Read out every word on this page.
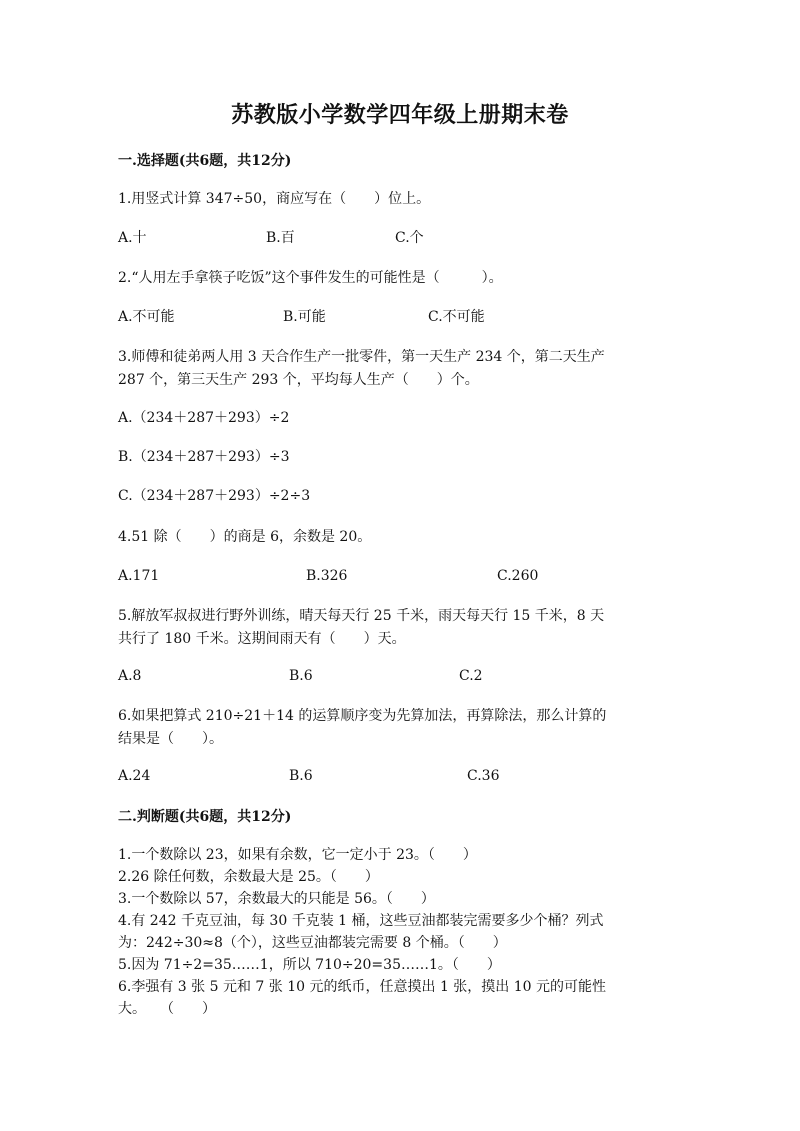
苏教版小学数学四年级上册期末卷
一.选择题(共6题，共12分)
1.用竖式计算 347÷50，商应写在（　　）位上。
A.十	B.百	C.个
2.“人用左手拿筷子吃饭”这个事件发生的可能性是（　　　）。
A.不可能	B.可能	C.不可能
3.师傅和徒弟两人用 3 天合作生产一批零件，第一天生产 234 个，第二天生产
287 个，第三天生产 293 个，平均每人生产（　　）个。
A.（234＋287＋293）÷2
B.（234＋287＋293）÷3
C.（234＋287＋293）÷2÷3
4.51 除（　　）的商是 6，余数是 20。
A.171	B.326	C.260
5.解放军叔叔进行野外训练，晴天每天行 25 千米，雨天每天行 15 千米，8 天
共行了 180 千米。这期间雨天有（　　）天。
A.8	B.6	C.2
6.如果把算式 210÷21＋14 的运算顺序变为先算加法，再算除法，那么计算的
结果是（　　）。
A.24	B.6	C.36
二.判断题(共6题，共12分)
1.一个数除以 23，如果有余数，它一定小于 23。（　　）
2.26 除任何数，余数最大是 25。（　　）
3.一个数除以 57，余数最大的只能是 56。（　　）
4.有 242 千克豆油，每 30 千克装 1 桶，这些豆油都装完需要多少个桶？列式
为：242÷30≈8（个），这些豆油都装完需要 8 个桶。（　　）
5.因为 71÷2=35……1，所以 710÷20=35……1。（　　）
6.李强有 3 张 5 元和 7 张 10 元的纸币，任意摸出 1 张，摸出 10 元的可能性
大。　　（　　）
